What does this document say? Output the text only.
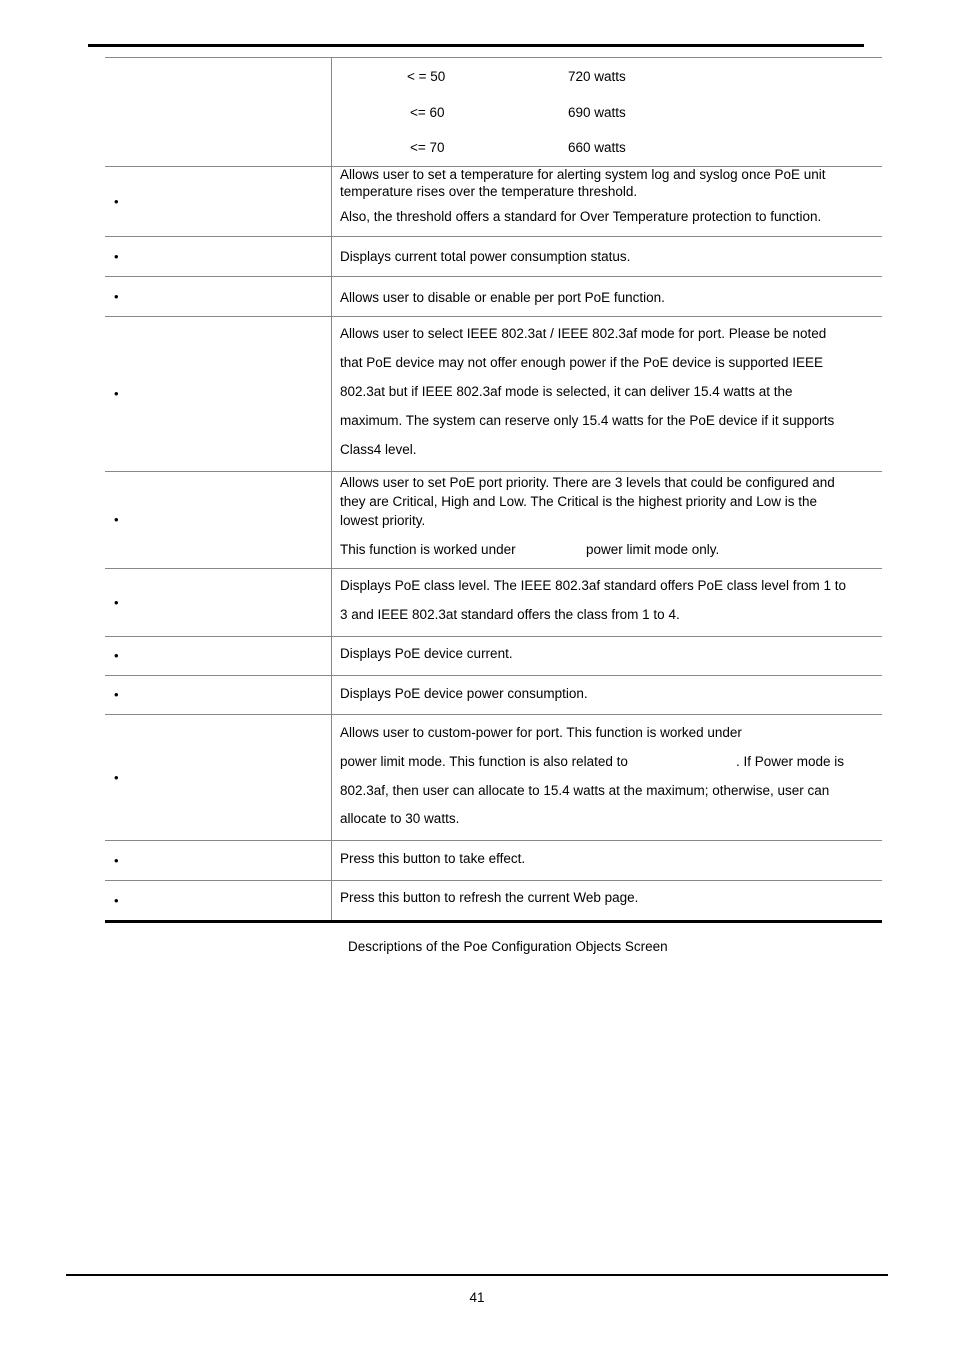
< = 50	720 watts
<= 60	690 watts
<= 70	660 watts
•
Allows user to set a temperature for alerting system log and syslog once PoE unit
temperature rises over the temperature threshold.
Also, the threshold offers a standard for Over Temperature protection to function.
•	Displays current total power consumption status.
•	Allows user to disable or enable per port PoE function.
•
Allows user to select IEEE 802.3at / IEEE 802.3af mode for port. Please be noted
that PoE device may not offer enough power if the PoE device is supported IEEE
802.3at but if IEEE 802.3af mode is selected, it can deliver 15.4 watts at the
maximum. The system can reserve only 15.4 watts for the PoE device if it supports
Class4 level.
•
Allows user to set PoE port priority. There are 3 levels that could be configured and
they are Critical, High and Low. The Critical is the highest priority and Low is the
lowest priority.
This function is worked under	power limit mode only.
•
Displays PoE class level. The IEEE 802.3af standard offers PoE class level from 1 to
3 and IEEE 802.3at standard offers the class from 1 to 4.
•	Displays PoE device current.
•	Displays PoE device power consumption.
•
Allows user to custom-power for port. This function is worked under
power limit mode. This function is also related to	. If Power mode is
802.3af, then user can allocate to 15.4 watts at the maximum; otherwise, user can
allocate to 30 watts.
•	Press this button to take effect.
•	Press this button to refresh the current Web page.
Descriptions of the Poe Configuration Objects Screen
41
